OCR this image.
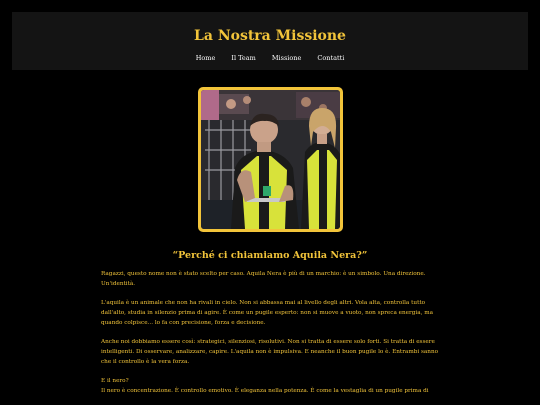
La Nostra Missione
Home Il Team Missione Contatti
“Perché ci chiamiamo Aquila Nera?”

Ragazzi, questo nome non è stato scelto per caso. Aquila Nera è più di un marchio: è un simbolo. Una direzione. Un'identità.

L'aquila è un animale che non ha rivali in cielo. Non si abbassa mai al livello degli altri. Vola alta, controlla tutto dall'alto, studia in silenzio prima di agire. È come un pugile esperto: non si muove a vuoto, non spreca energia, ma quando colpisce... lo fa con precisione, forza e decisione.

Anche noi dobbiamo essere così: strategici, silenziosi, risolutivi. Non si tratta di essere solo forti. Si tratta di essere intelligenti. Di osservare, analizzare, capire. L'aquila non è impulsiva. E neanche il buon pugile lo è. Entrambi sanno che il controllo è la vera forza.

E il nero?

Il nero è concentrazione. È controllo emotivo. È eleganza nella potenza. È come la vestaglia di un pugile prima di
